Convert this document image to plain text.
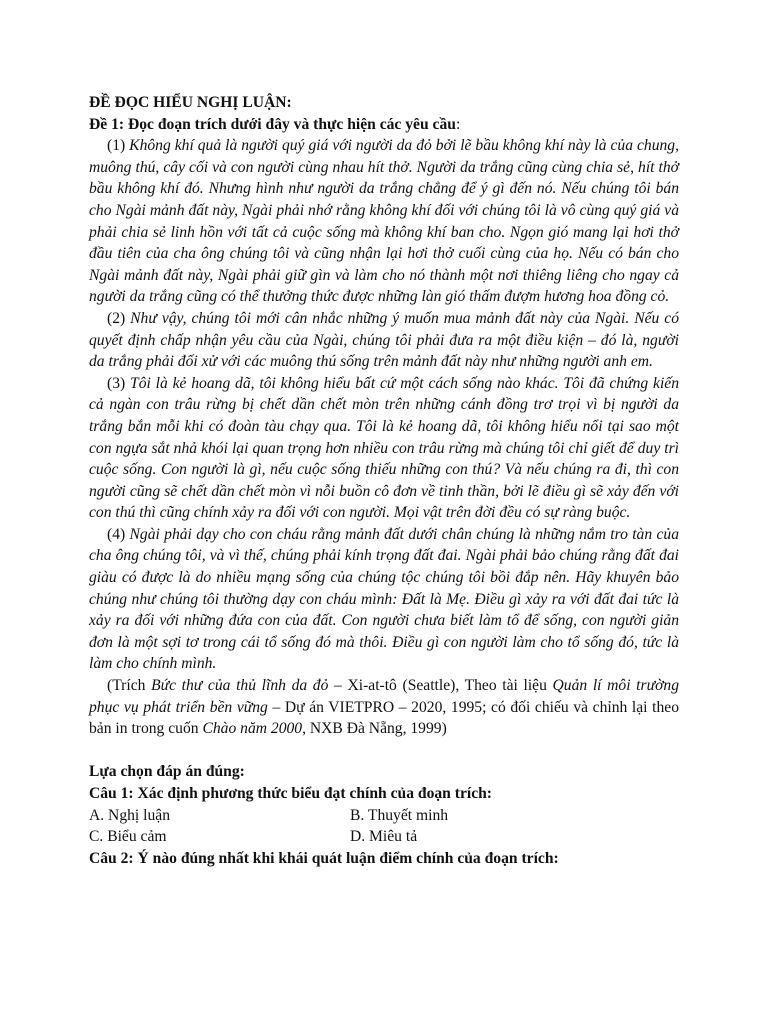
ĐỀ ĐỌC HIỂU NGHỊ LUẬN:
Đề 1: Đọc đoạn trích dưới đây và thực hiện các yêu cầu:

(1) Không khí quả là người quý giá với người da đỏ bởi lẽ bầu không khí này là của chung, muông thú, cây cối và con người cùng nhau hít thở. Người da trắng cũng cùng chia sẻ, hít thở bầu không khí đó. Nhưng hình như người da trắng chẳng để ý gì đến nó. Nếu chúng tôi bán cho Ngài mảnh đất này, Ngài phải nhớ rằng không khí đối với chúng tôi là vô cùng quý giá và phải chia sẻ linh hồn với tất cả cuộc sống mà không khí ban cho. Ngọn gió mang lại hơi thở đầu tiên của cha ông chúng tôi và cũng nhận lại hơi thở cuối cùng của họ. Nếu có bán cho Ngài mảnh đất này, Ngài phải giữ gìn và làm cho nó thành một nơi thiêng liêng cho ngay cả người da trắng cũng có thể thưởng thức được những làn gió thấm đượm hương hoa đồng cỏ.

(2) Như vậy, chúng tôi mới cân nhắc những ý muốn mua mảnh đất này của Ngài. Nếu có quyết định chấp nhận yêu cầu của Ngài, chúng tôi phải đưa ra một điều kiện – đó là, người da trắng phải đối xử với các muông thú sống trên mảnh đất này như những người anh em.

(3) Tôi là kẻ hoang dã, tôi không hiểu bất cứ một cách sống nào khác. Tôi đã chứng kiến cả ngàn con trâu rừng bị chết dần chết mòn trên những cánh đồng trơ trọi vì bị người da trắng bắn mỗi khi có đoàn tàu chạy qua. Tôi là kẻ hoang dã, tôi không hiểu nổi tại sao một con ngựa sắt nhả khói lại quan trọng hơn nhiều con trâu rừng mà chúng tôi chỉ giết để duy trì cuộc sống. Con người là gì, nếu cuộc sống thiếu những con thú? Và nếu chúng ra đi, thì con người cũng sẽ chết dần chết mòn vì nỗi buồn cô đơn về tinh thần, bởi lẽ điều gì sẽ xảy đến với con thú thì cũng chính xảy ra đối với con người. Mọi vật trên đời đều có sự ràng buộc.

(4) Ngài phải dạy cho con cháu rằng mảnh đất dưới chân chúng là những nắm tro tàn của cha ông chúng tôi, và vì thế, chúng phải kính trọng đất đai. Ngài phải bảo chúng rằng đất đai giàu có được là do nhiều mạng sống của chúng tộc chúng tôi bồi đắp nên. Hãy khuyên bảo chúng như chúng tôi thường dạy con cháu mình: Đất là Mẹ. Điều gì xảy ra với đất đai tức là xảy ra đối với những đứa con của đất. Con người chưa biết làm tổ để sống, con người giản đơn là một sợi tơ trong cái tổ sống đó mà thôi. Điều gì con người làm cho tổ sống đó, tức là làm cho chính mình.

(Trích Bức thư của thủ lĩnh da đỏ – Xi-at-tô (Seattle), Theo tài liệu Quản lí môi trường phục vụ phát triển bền vững – Dự án VIETPRO – 2020, 1995; có đối chiếu và chỉnh lại theo bản in trong cuốn Chào năm 2000, NXB Đà Nẵng, 1999)

Lựa chọn đáp án đúng:
Câu 1: Xác định phương thức biểu đạt chính của đoạn trích:
A. Nghị luận	B. Thuyết minh
C. Biểu cảm	D. Miêu tả
Câu 2: Ý nào đúng nhất khi khái quát luận điểm chính của đoạn trích:
